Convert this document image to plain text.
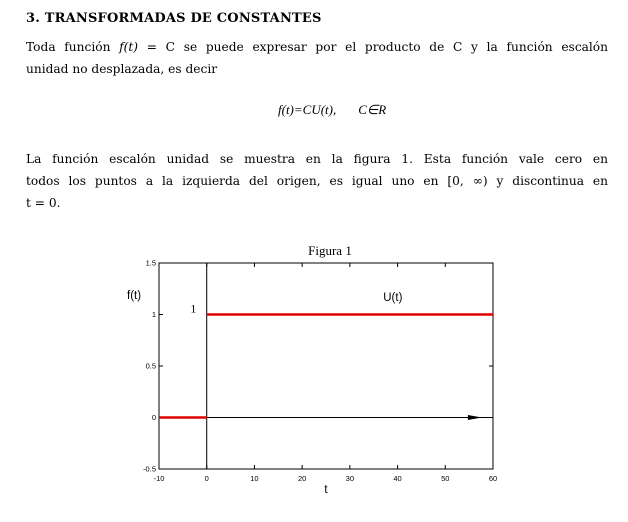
3. TRANSFORMADAS DE CONSTANTES
Toda función f(t) = C se puede expresar por el producto de C y la función escalón
unidad no desplazada, es decir
f(t)=CU(t), C∈R
La función escalón unidad se muestra en la figura 1. Esta función vale cero en
todos los puntos a la izquierda del origen, es igual uno en [0, ∞) y discontinua en
t = 0.
-10	0	10	20	30	40	50	60
-0.5
0
0.5
1
1.5
Figura 1
f(t)
t
U(t)
1
